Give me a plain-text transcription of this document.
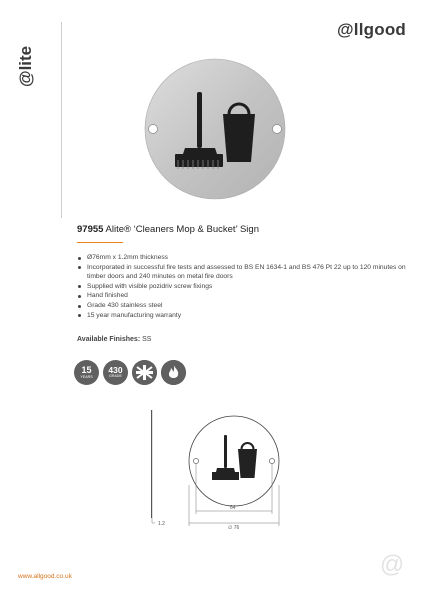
@lite
@llgood
97955 Alite® ‘Cleaners Mop & Bucket’ Sign
Ø76mm x 1.2mm thickness
Incorporated in successful fire tests and assessed to BS EN 1634-1 and BS 476 Pt 22 up to 120 minutes on timber doors and 240 minutes on metal fire doors
Supplied with visible pozidriv screw fixings
Hand finished
Grade 430 stainless steel
15 year manufacturing warranty
Available Finishes: SS
15
YEARS
430
GRADE
1.2
64
∅ 76
www.allgood.co.uk	@
